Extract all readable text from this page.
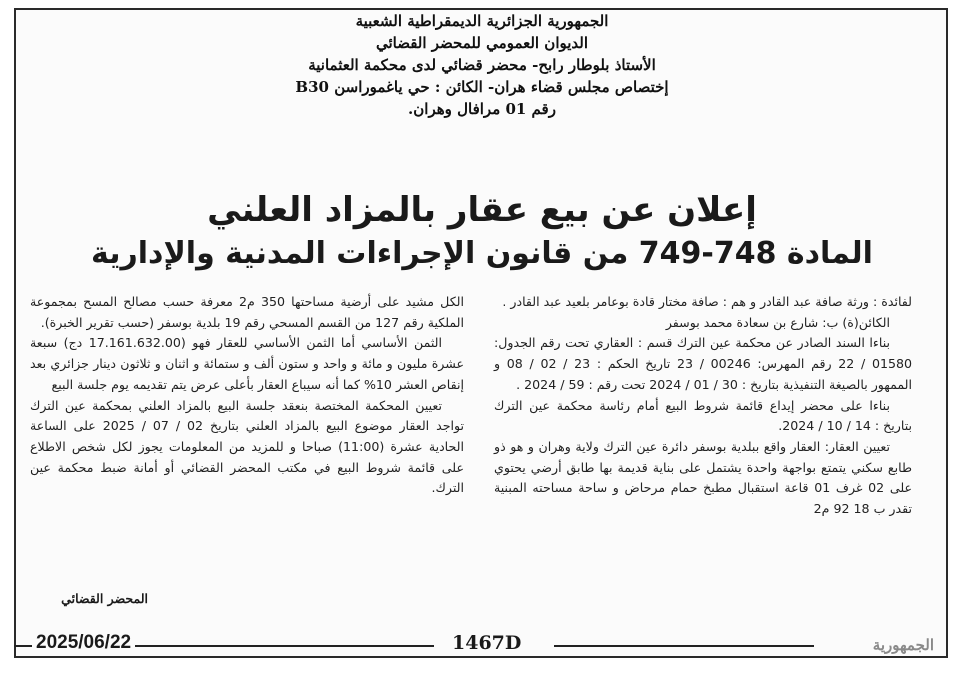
الجمهورية الجزائرية الديمقراطية الشعبية
الديوان العمومي للمحضر القضائي
الأستاذ بلوطار رابح- محضر قضائي لدى محكمة العثمانية
إختصاص مجلس قضاء هران- الكائن : حي ياغموراسن B30
رقم 01 مرافال وهران.
إعلان عن بيع عقار بالمزاد العلني
المادة 748-749 من قانون الإجراءات المدنية والإدارية

لفائدة : ورثة صافة عبد القادر و هم : صافة مختار قادة بوعامر بلعيد عبد القادر .

الكائن(ة) ب: شارع بن سعادة محمد بوسفر

بناءا السند الصادر عن محكمة عين الترك قسم : العقاري تحت رقم الجدول: 01580 / 22 رقم المهرس: 00246 / 23 تاريخ الحكم : 23 / 02 / 08 و الممهور بالصيغة التنفيذية بتاريخ : 30 / 01 / 2024 تحت رقم : 59 / 2024 .

بناءا على محضر إيداع قائمة شروط البيع أمام رئاسة محكمة عين الترك بتاريخ : 14 / 10 / 2024.

تعيين العقار: العقار واقع ببلدية بوسفر دائرة عين الترك ولاية وهران و هو ذو طابع سكني يتمتع بواجهة واحدة يشتمل على بناية قديمة بها طابق أرضي يحتوي على 02 غرف 01 قاعة استقبال مطبخ حمام مرحاض و ساحة مساحته المبنية تقدر ب 18 92 م2

الكل مشيد على أرضية مساحتها 350 م2 معرفة حسب مصالح المسح بمجموعة الملكية رقم 127 من القسم المسحي رقم 19 بلدية بوسفر (حسب تقرير الخبرة).

الثمن الأساسي أما الثمن الأساسي للعقار فهو (17.161.632.00 دج) سبعة عشرة مليون و مائة و واحد و ستون ألف و ستمائة و اثنان و ثلاثون دينار جزائري بعد إنقاص العشر 10% كما أنه سيباع العقار بأعلى عرض يتم تقديمه يوم جلسة البيع

تعيين المحكمة المختصة بنعقد جلسة البيع بالمزاد العلني بمحكمة عين الترك تواجد العقار موضوع البيع بالمزاد العلني بتاريخ 02 / 07 / 2025 على الساعة الحادية عشرة (11:00) صباحا و للمزيد من المعلومات يجوز لكل شخص الاطلاع على قائمة شروط البيع في مكتب المحضر القضائي أو أمانة ضبط محكمة عين الترك.

المحضر القضائي
2025/06/22	1467D	الجمهورية
